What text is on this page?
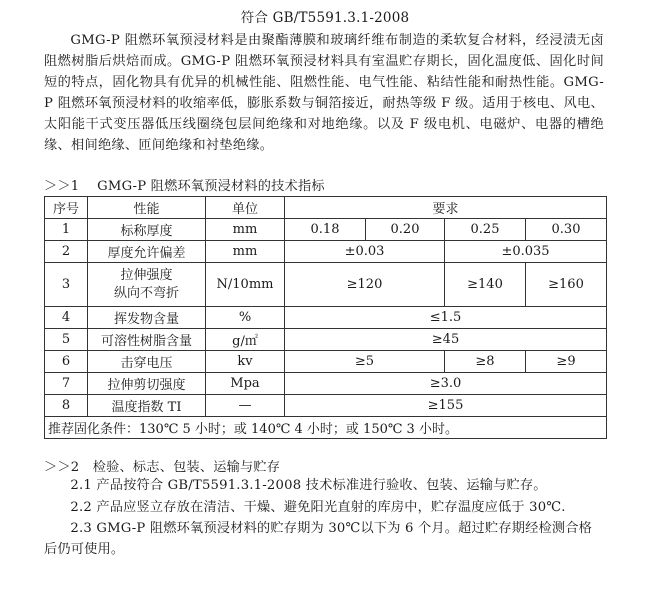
符合 GB/T5591.3.1-2008

GMG-P 阻燃环氧预浸材料是由聚酯薄膜和玻璃纤维布制造的柔软复合材料，经浸渍无卤阻燃树脂后烘焙而成。GMG-P 阻燃环氧预浸材料具有室温贮存期长，固化温度低、固化时间短的特点，固化物具有优异的机械性能、阻燃性能、电气性能、粘结性能和耐热性能。GMG-P 阻燃环氧预浸材料的收缩率低，膨胀系数与铜箔接近，耐热等级 F 级。适用于核电、风电、太阳能干式变压器低压线圈绕包层间绝缘和对地绝缘。以及 F 级电机、电磁炉、电器的槽绝缘、相间绝缘、匝间绝缘和衬垫绝缘。

＞＞1　 GMG-P 阻燃环氧预浸材料的技术指标
序号	性能	单位	要求			
1	标称厚度	mm	0.18	0.20	0.25	0.30
2	厚度允许偏差	mm	±0.03		±0.035	
3	拉伸强度
纵向不弯折	N/10mm	≥120		≥140	≥160
4	挥发物含量	%	≤1.5			
5	可溶性树脂含量	g/㎡	≥45			
6	击穿电压	kv	≥5		≥8	≥9
7	拉伸剪切强度	Mpa	≥3.0			
8	温度指数 TI	—	≥155			
推荐固化条件：130℃ 5 小时；或 140℃ 4 小时；或 150℃ 3 小时。						
＞＞2　检验、标志、包装、运输与贮存

2.1 产品按符合 GB/T5591.3.1-2008 技术标准进行验收、包装、运输与贮存。

2.2 产品应竖立存放在清洁、干燥、避免阳光直射的库房中，贮存温度应低于 30℃.

2.3 GMG-P 阻燃环氧预浸材料的贮存期为 30℃以下为 6 个月。超过贮存期经检测合格后仍可使用。
